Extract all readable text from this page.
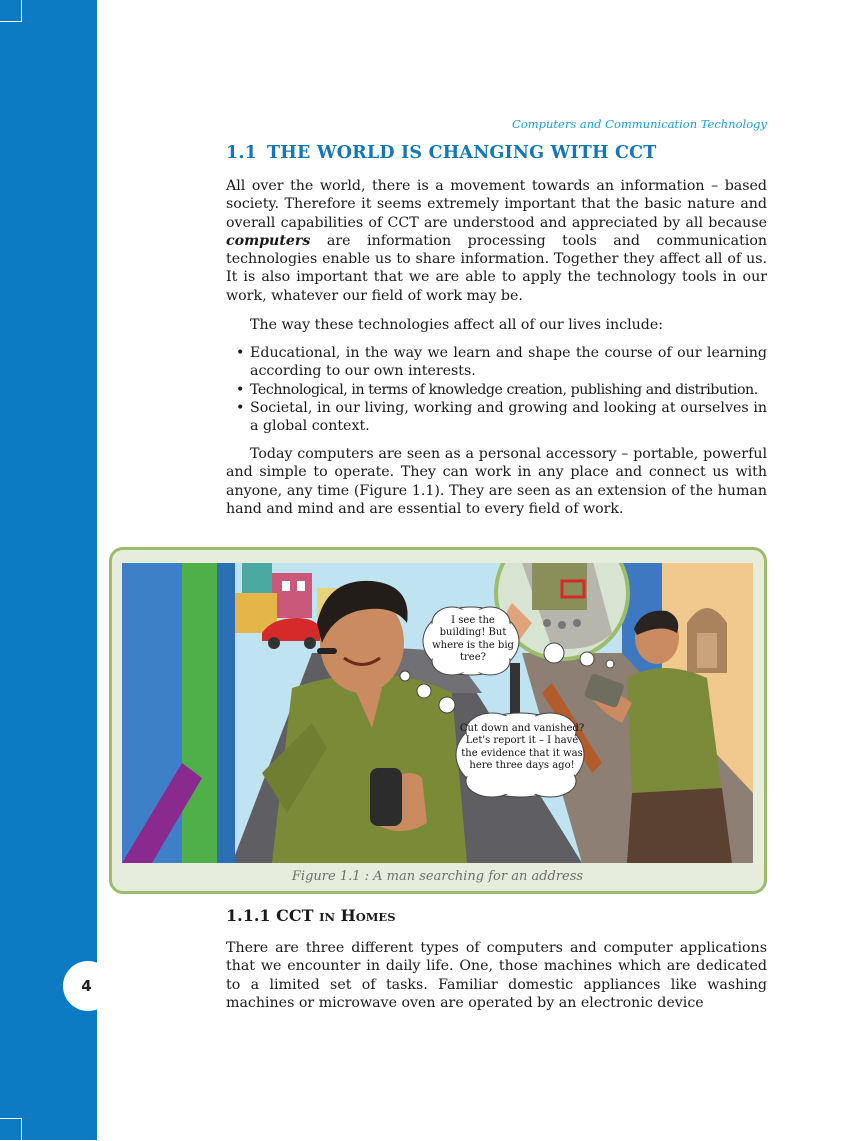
4
Computers and Communication Technology
1.1 THE WORLD IS CHANGING WITH CCT

All over the world, there is a movement towards an information – based society. Therefore it seems extremely important that the basic nature and overall capabilities of CCT are understood and appreciated by all because computers are information processing tools and communication technologies enable us to share information. Together they affect all of us. It is also important that we are able to apply the technology tools in our work, whatever our field of work may be.

The way these technologies affect all of our lives include:

• Educational, in the way we learn and shape the course of our learning according to our own interests.
• Technological, in terms of knowledge creation, publishing and distribution.
• Societal, in our living, working and growing and looking at ourselves in a global context.

Today computers are seen as a personal accessory – portable, powerful and simple to operate. They can work in any place and connect us with anyone, any time (Figure 1.1). They are seen as an extension of the human hand and mind and are essential to every field of work.

I see the building! But where is the big tree?
Cut down and vanished? Let's report it – I have the evidence that it was here three days ago!
Figure 1.1 : A man searching for an address
1.1.1 CCT IN HOMES

There are three different types of computers and computer applications that we encounter in daily life. One, those machines which are dedicated to a limited set of tasks. Familiar domestic appliances like washing machines or microwave oven are operated by an electronic device
